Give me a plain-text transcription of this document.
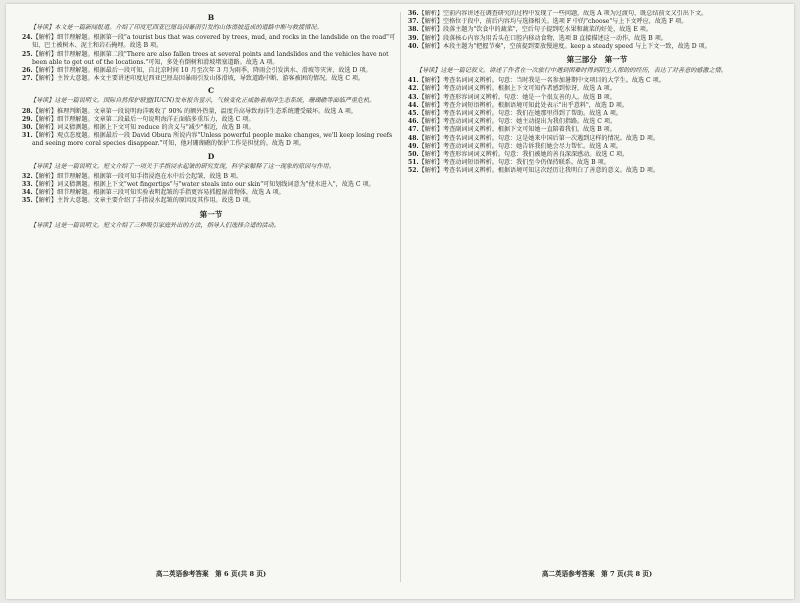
B

【导读】本文是一篇新闻报道。介绍了印度尼西亚巴厘岛因暴雨引发的山体滑坡造成的道路中断与救援情况。

24.【解析】细节理解题。根据第一段"a tourist bus that was covered by trees, mud, and rocks in the landslide on the road"可知，巴士被树木、泥土和岩石掩埋。故选 B 项。

25.【解析】细节理解题。根据第二段"There are also fallen trees at several points and landslides and the vehicles have not been able to get out of the locations."可知，多处有倒树和滑坡堵塞道路。故选 A 项。

26.【解析】细节理解题。根据最后一段可知，自北京时间 10 月至次年 3 月为雨季，降雨会引发洪水、滑坡等灾害，故选 D 项。

27.【解析】主旨大意题。本文主要讲述印度尼西亚巴厘岛因暴雨引发山体滑坡，导致道路中断、游客被困的情况。故选 C 项。

C

【导读】这是一篇说明文。国际自然保护联盟(IUCN)发布报告显示，气候变化正威胁着海洋生态系统，珊瑚礁等面临严重危机。

28.【解析】推理判断题。文章第一段说明海洋吸收了 90% 的额外热量，温度升高导致海洋生态系统遭受破坏。故选 A 项。

29.【解析】细节理解题。文章第二段最后一句说明海洋正面临多重压力，故选 C 项。

30.【解析】词义猜测题。根据上下文可知 reduce 的含义与"减少"相近，故选 B 项。

31.【解析】观点态度题。根据最后一段 David Obura 所说内容"Unless powerful people make changes, we'll keep losing reefs and seeing more coral species disappear."可知，他对珊瑚礁的保护工作是担忧的。故选 D 项。

D

【导读】这是一篇说明文。短文介绍了一项关于手指浸水起皱的研究发现，科学家解释了这一现象的原因与作用。

32.【解析】细节理解题。根据第一段可知手指浸泡在水中后会起皱，故选 B 项。

33.【解析】词义猜测题。根据上下文"wet fingertips"与"water steals into our skin"可知划线词意为"使水进入"，故选 C 项。

34.【解析】细节理解题。根据第三段可知实验表明起皱的手指更容易抓握湿滑物体，故选 A 项。

35.【解析】主旨大意题。文章主要介绍了手指浸水起皱的原因及其作用。故选 D 项。

第一节

【导读】这是一篇说明文。短文介绍了三种吸引家庭外出的方法，指导人们选择合适的活动。

高二英语参考答案　第 6 页(共 8 页)

36.【解析】空前内容讲述在调查研究的过程中发现了一些问题，故选 A 项为过渡句，既总结前文又引出下文。

37.【解析】空格位于段中，前后内容均与选择相关。选项 F 中的"choose"与上下文呼应，故选 F 项。

38.【解析】段落主题为"饮食中的蔬菜"，空后句子提到吃水果和蔬菜的好处，故选 E 项。

39.【解析】段落核心内容为用舌头在口腔内移动食物，选项 B 直接描述这一动作，故选 B 项。

40.【解析】本段主题为"把握节奏"，空前提到要放慢速度。keep a steady speed 与上下文一致，故选 D 项。

第三部分　第一节

【导读】这是一篇记叙文。讲述了作者在一次旅行中遇到困难时得到陌生人帮助的经历，表达了对善意的感激之情。

41.【解析】考查名词词义辨析。句意：当时我是一名参加暑期中文项目的大学生。故选 C 项。

42.【解析】考查动词词义辨析。根据上下文可知作者感到惊讶，故选 A 项。

43.【解析】考查形容词词义辨析。句意：她是一个很友善的人。故选 B 项。

44.【解析】考查介词短语辨析。根据语境可知此处表示"出乎意料"，故选 D 项。

45.【解析】考查名词词义辨析。句意：我们在她那里得到了帮助。故选 A 项。

46.【解析】考查动词词义辨析。句意：她主动提出为我们指路。故选 C 项。

47.【解析】考查副词词义辨析。根据下文可知她一直陪着我们。故选 B 项。

48.【解析】考查名词词义辨析。句意：这是她来中国后第一次遇到这样的情况。故选 D 项。

49.【解析】考查动词词义辨析。句意：她告诉我们她会尽力帮忙。故选 A 项。

50.【解析】考查形容词词义辨析。句意：我们被她的善良深深感动。故选 C 项。

51.【解析】考查动词短语辨析。句意：我们至今仍保持联系。故选 B 项。

52.【解析】考查名词词义辨析。根据语境可知这次经历让我明白了善意的意义。故选 D 项。

高二英语参考答案　第 7 页(共 8 页)
